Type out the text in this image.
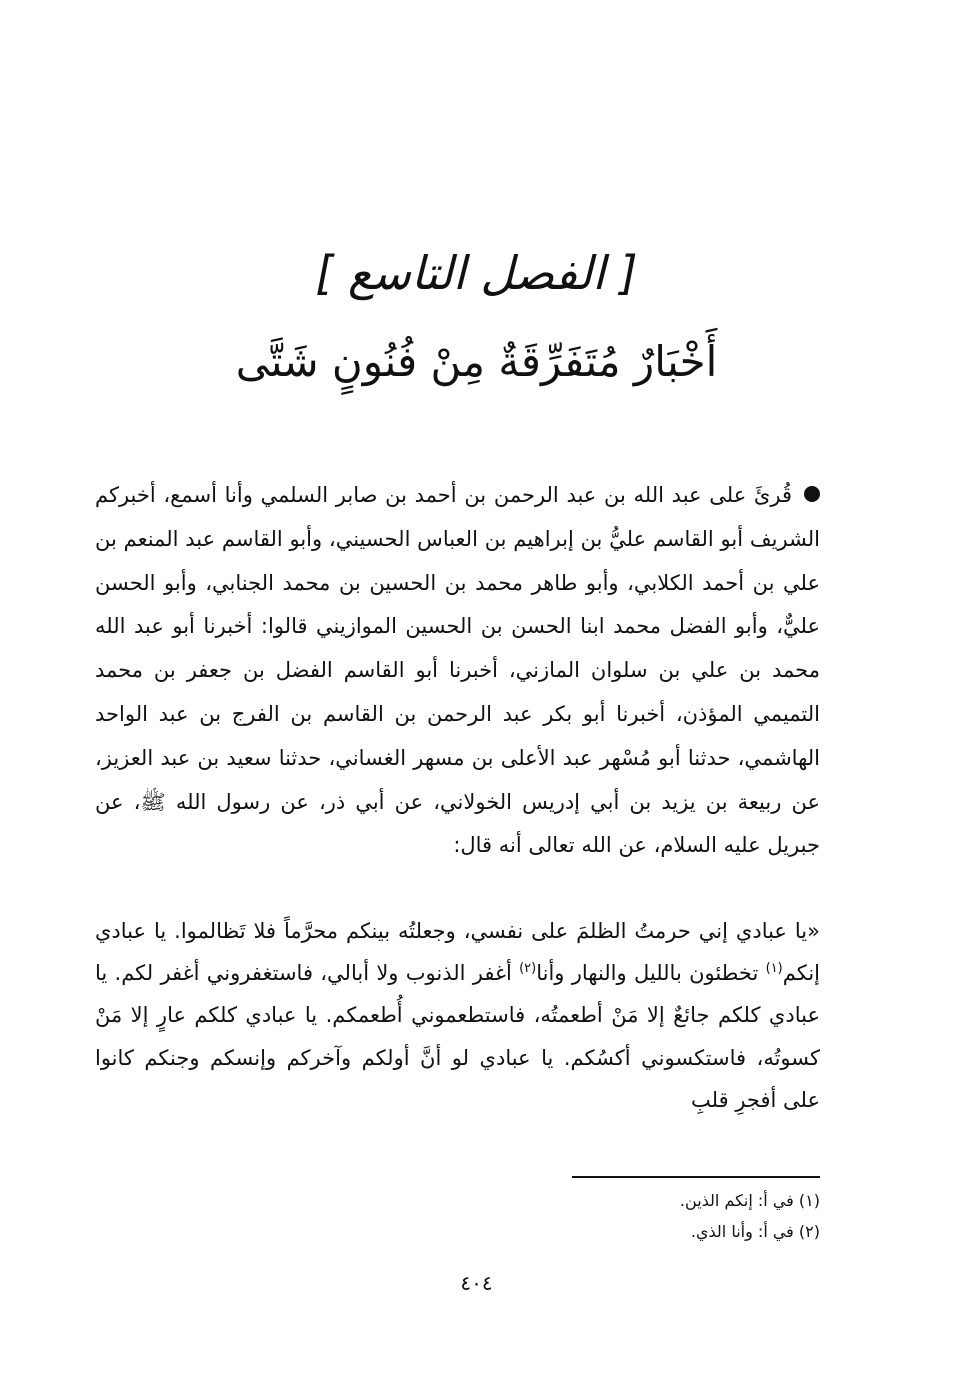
[ الفصل التاسع ]
أَخْبَارٌ مُتَفَرِّقَةٌ مِنْ فُنُونٍ شَتَّى
قُرئَ على عبد الله بن عبد الرحمن بن أحمد بن صابر السلمي وأنا أسمع، أخبركم الشريف أبو القاسم عليُّ بن إبراهيم بن العباس الحسيني، وأبو القاسم عبد المنعم بن علي بن أحمد الكلابي، وأبو طاهر محمد بن الحسين بن محمد الجنابي، وأبو الحسن عليٌّ، وأبو الفضل محمد ابنا الحسن بن الحسين الموازيني قالوا: أخبرنا أبو عبد الله محمد بن علي بن سلوان المازني، أخبرنا أبو القاسم الفضل بن جعفر بن محمد التميمي المؤذن، أخبرنا أبو بكر عبد الرحمن بن القاسم بن الفرج بن عبد الواحد الهاشمي، حدثنا أبو مُسْهر عبد الأعلى بن مسهر الغساني، حدثنا سعيد بن عبد العزيز، عن ربيعة بن يزيد بن أبي إدريس الخولاني، عن أبي ذر، عن رسول الله ﷺ، عن جبريل عليه السلام، عن الله تعالى أنه قال:
«يا عبادي إني حرمتُ الظلمَ على نفسي، وجعلتُه بينكم محرَّماً فلا تَظالموا. يا عبادي إنكم$^{(١)}$ تخطئون بالليل والنهار وأنا$^{(٢)}$ أغفر الذنوب ولا أبالي، فاستغفروني أغفر لكم. يا عبادي كلكم جائعٌ إلا مَنْ أطعمتُه، فاستطعموني أُطعمكم. يا عبادي كلكم عارٍ إلا مَنْ كسوتُه، فاستكسوني أكسُكم. يا عبادي لو أنَّ أولكم وآخركم وإنسكم وجنكم كانوا على أفجرِ قلبِ
(١) في أ: إنكم الذين.
(٢) في أ: وأنا الذي.
٤٠٤
